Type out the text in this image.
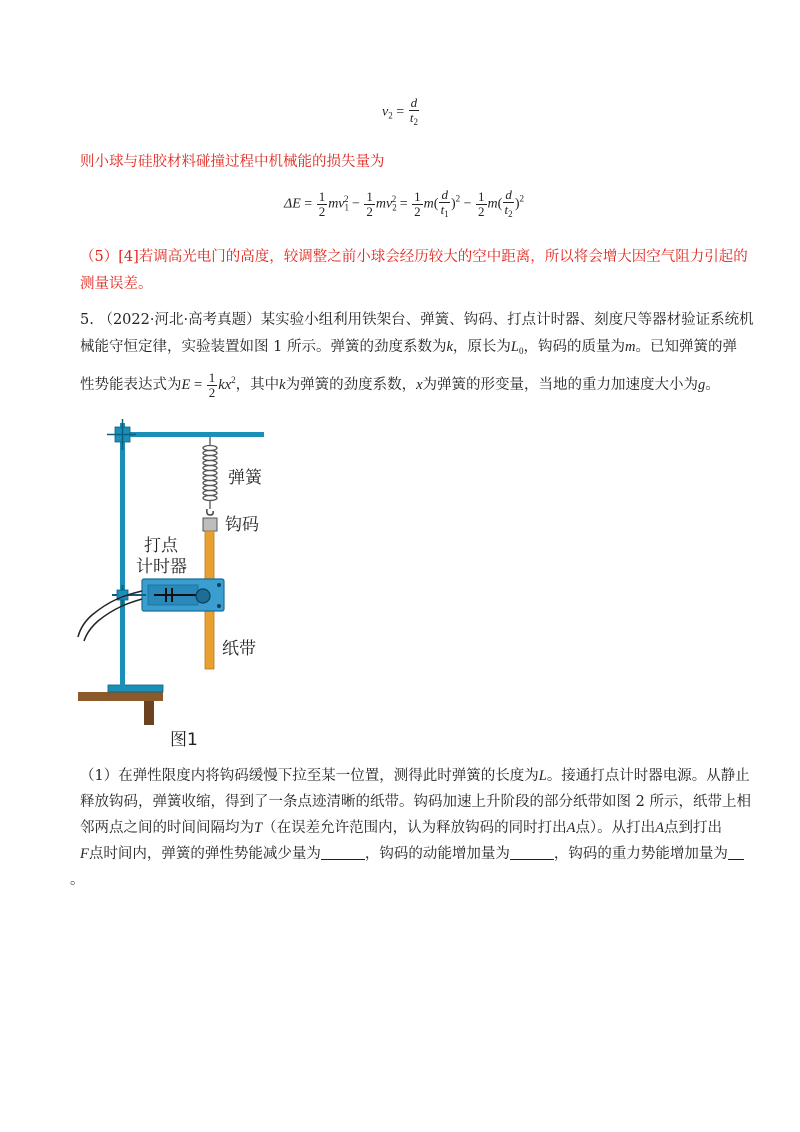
$v_2 = \frac{d}{t_2}$
则小球与硅胶材料碰撞过程中机械能的损失量为
$\Delta E = \frac{1}{2} mv_1^2 - \frac{1}{2} mv_2^2 = \frac{1}{2} m( \frac{d}{t_1} )^2 - \frac{1}{2} m( \frac{d}{t_2} )^2$
（5）[4]若调高光电门的高度，较调整之前小球会经历较大的空中距离，所以将会增大因空气阻力引起的
测量误差。
5. （2022·河北·高考真题）某实验小组利用铁架台、弹簧、钩码、打点计时器、刻度尺等器材验证系统机
械能守恒定律，实验装置如图 1 所示。弹簧的劲度系数为k，原长为$L_0$，钩码的质量为m。已知弹簧的弹
性势能表达式为$E = \frac{1}{2} kx^2$，其中k为弹簧的劲度系数，x为弹簧的形变量，当地的重力加速度大小为g。
弹簧
钩码
打点
计时器
纸带
图1
（1）在弹性限度内将钩码缓慢下拉至某一位置，测得此时弹簧的长度为L。接通打点计时器电源。从静止
释放钩码，弹簧收缩，得到了一条点迹清晰的纸带。钩码加速上升阶段的部分纸带如图 2 所示，纸带上相
邻两点之间的时间间隔均为T（在误差允许范围内，认为释放钩码的同时打出A点）。从打出A点到打出
F点时间内，弹簧的弹性势能减少量为	，钩码的动能增加量为	，钩码的重力势能增加量为
。
